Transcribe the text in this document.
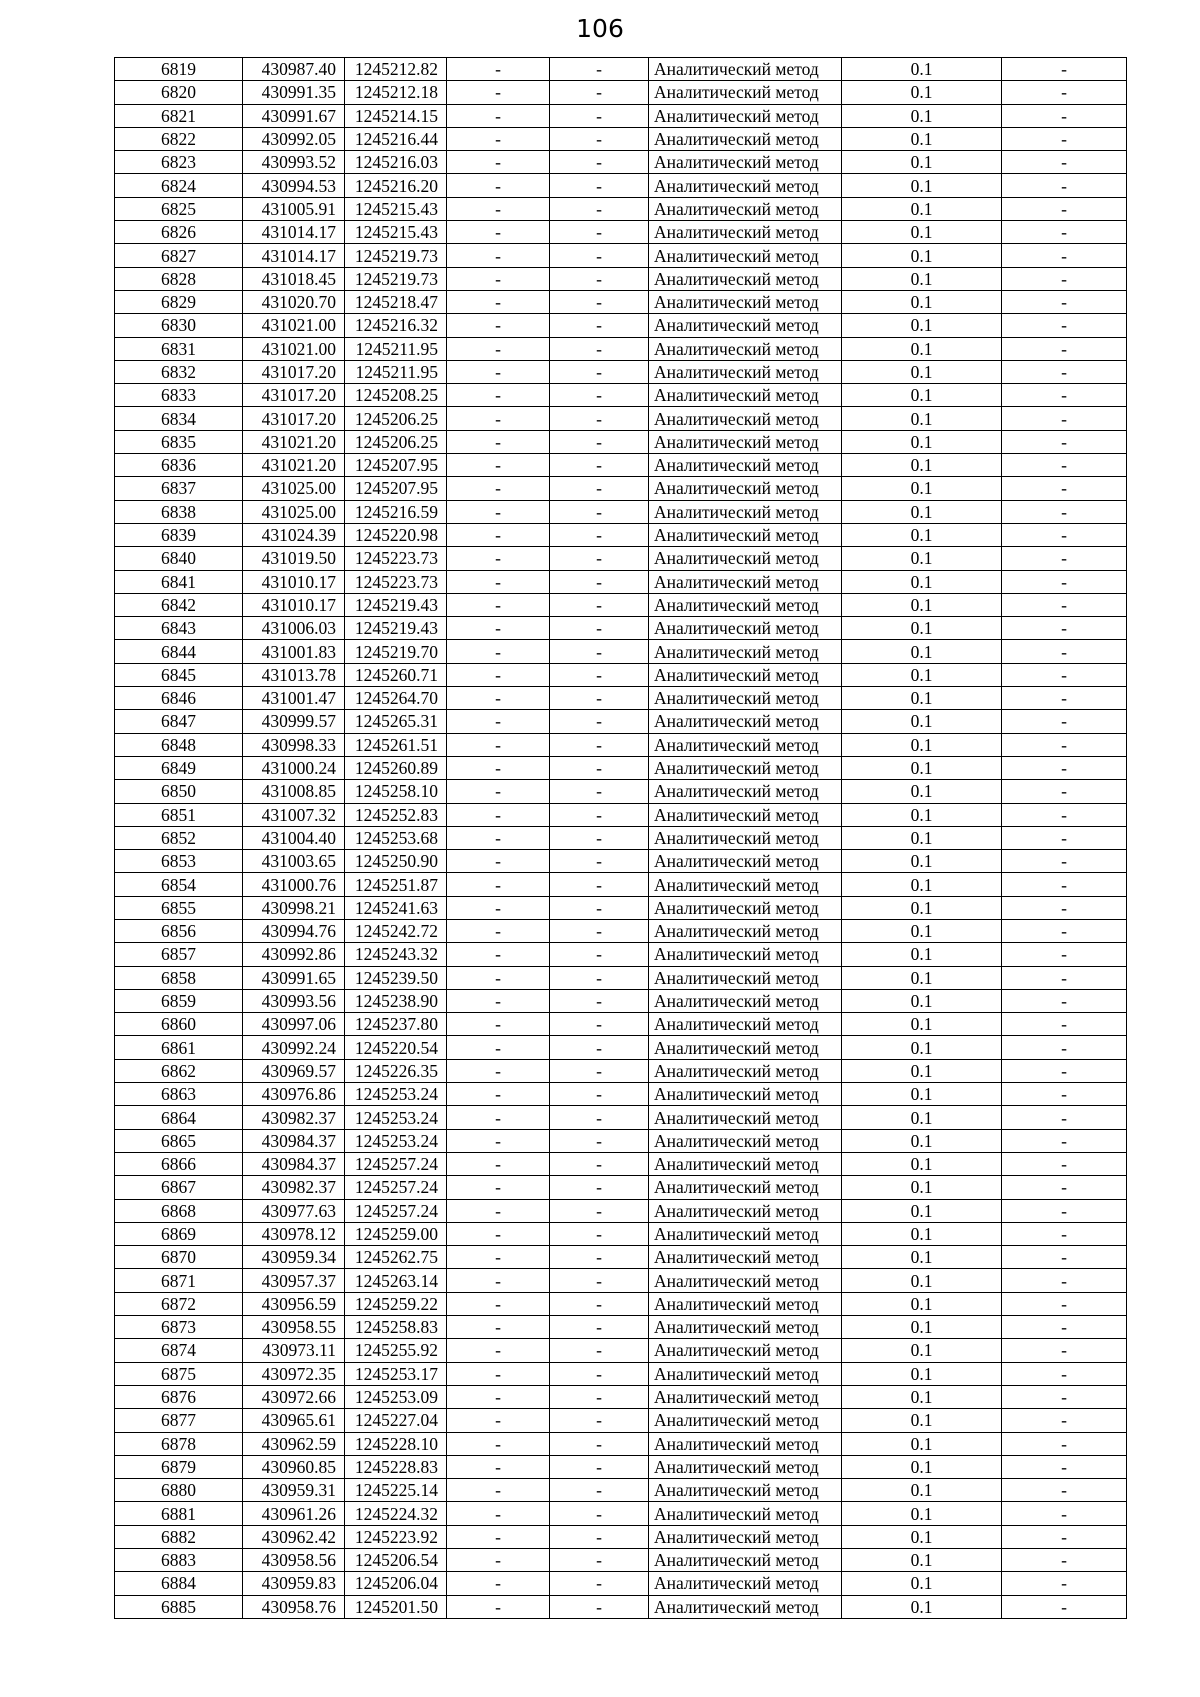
106
6819	430987.40	1245212.82	-	-	Аналитический метод	0.1	-
6820	430991.35	1245212.18	-	-	Аналитический метод	0.1	-
6821	430991.67	1245214.15	-	-	Аналитический метод	0.1	-
6822	430992.05	1245216.44	-	-	Аналитический метод	0.1	-
6823	430993.52	1245216.03	-	-	Аналитический метод	0.1	-
6824	430994.53	1245216.20	-	-	Аналитический метод	0.1	-
6825	431005.91	1245215.43	-	-	Аналитический метод	0.1	-
6826	431014.17	1245215.43	-	-	Аналитический метод	0.1	-
6827	431014.17	1245219.73	-	-	Аналитический метод	0.1	-
6828	431018.45	1245219.73	-	-	Аналитический метод	0.1	-
6829	431020.70	1245218.47	-	-	Аналитический метод	0.1	-
6830	431021.00	1245216.32	-	-	Аналитический метод	0.1	-
6831	431021.00	1245211.95	-	-	Аналитический метод	0.1	-
6832	431017.20	1245211.95	-	-	Аналитический метод	0.1	-
6833	431017.20	1245208.25	-	-	Аналитический метод	0.1	-
6834	431017.20	1245206.25	-	-	Аналитический метод	0.1	-
6835	431021.20	1245206.25	-	-	Аналитический метод	0.1	-
6836	431021.20	1245207.95	-	-	Аналитический метод	0.1	-
6837	431025.00	1245207.95	-	-	Аналитический метод	0.1	-
6838	431025.00	1245216.59	-	-	Аналитический метод	0.1	-
6839	431024.39	1245220.98	-	-	Аналитический метод	0.1	-
6840	431019.50	1245223.73	-	-	Аналитический метод	0.1	-
6841	431010.17	1245223.73	-	-	Аналитический метод	0.1	-
6842	431010.17	1245219.43	-	-	Аналитический метод	0.1	-
6843	431006.03	1245219.43	-	-	Аналитический метод	0.1	-
6844	431001.83	1245219.70	-	-	Аналитический метод	0.1	-
6845	431013.78	1245260.71	-	-	Аналитический метод	0.1	-
6846	431001.47	1245264.70	-	-	Аналитический метод	0.1	-
6847	430999.57	1245265.31	-	-	Аналитический метод	0.1	-
6848	430998.33	1245261.51	-	-	Аналитический метод	0.1	-
6849	431000.24	1245260.89	-	-	Аналитический метод	0.1	-
6850	431008.85	1245258.10	-	-	Аналитический метод	0.1	-
6851	431007.32	1245252.83	-	-	Аналитический метод	0.1	-
6852	431004.40	1245253.68	-	-	Аналитический метод	0.1	-
6853	431003.65	1245250.90	-	-	Аналитический метод	0.1	-
6854	431000.76	1245251.87	-	-	Аналитический метод	0.1	-
6855	430998.21	1245241.63	-	-	Аналитический метод	0.1	-
6856	430994.76	1245242.72	-	-	Аналитический метод	0.1	-
6857	430992.86	1245243.32	-	-	Аналитический метод	0.1	-
6858	430991.65	1245239.50	-	-	Аналитический метод	0.1	-
6859	430993.56	1245238.90	-	-	Аналитический метод	0.1	-
6860	430997.06	1245237.80	-	-	Аналитический метод	0.1	-
6861	430992.24	1245220.54	-	-	Аналитический метод	0.1	-
6862	430969.57	1245226.35	-	-	Аналитический метод	0.1	-
6863	430976.86	1245253.24	-	-	Аналитический метод	0.1	-
6864	430982.37	1245253.24	-	-	Аналитический метод	0.1	-
6865	430984.37	1245253.24	-	-	Аналитический метод	0.1	-
6866	430984.37	1245257.24	-	-	Аналитический метод	0.1	-
6867	430982.37	1245257.24	-	-	Аналитический метод	0.1	-
6868	430977.63	1245257.24	-	-	Аналитический метод	0.1	-
6869	430978.12	1245259.00	-	-	Аналитический метод	0.1	-
6870	430959.34	1245262.75	-	-	Аналитический метод	0.1	-
6871	430957.37	1245263.14	-	-	Аналитический метод	0.1	-
6872	430956.59	1245259.22	-	-	Аналитический метод	0.1	-
6873	430958.55	1245258.83	-	-	Аналитический метод	0.1	-
6874	430973.11	1245255.92	-	-	Аналитический метод	0.1	-
6875	430972.35	1245253.17	-	-	Аналитический метод	0.1	-
6876	430972.66	1245253.09	-	-	Аналитический метод	0.1	-
6877	430965.61	1245227.04	-	-	Аналитический метод	0.1	-
6878	430962.59	1245228.10	-	-	Аналитический метод	0.1	-
6879	430960.85	1245228.83	-	-	Аналитический метод	0.1	-
6880	430959.31	1245225.14	-	-	Аналитический метод	0.1	-
6881	430961.26	1245224.32	-	-	Аналитический метод	0.1	-
6882	430962.42	1245223.92	-	-	Аналитический метод	0.1	-
6883	430958.56	1245206.54	-	-	Аналитический метод	0.1	-
6884	430959.83	1245206.04	-	-	Аналитический метод	0.1	-
6885	430958.76	1245201.50	-	-	Аналитический метод	0.1	-
